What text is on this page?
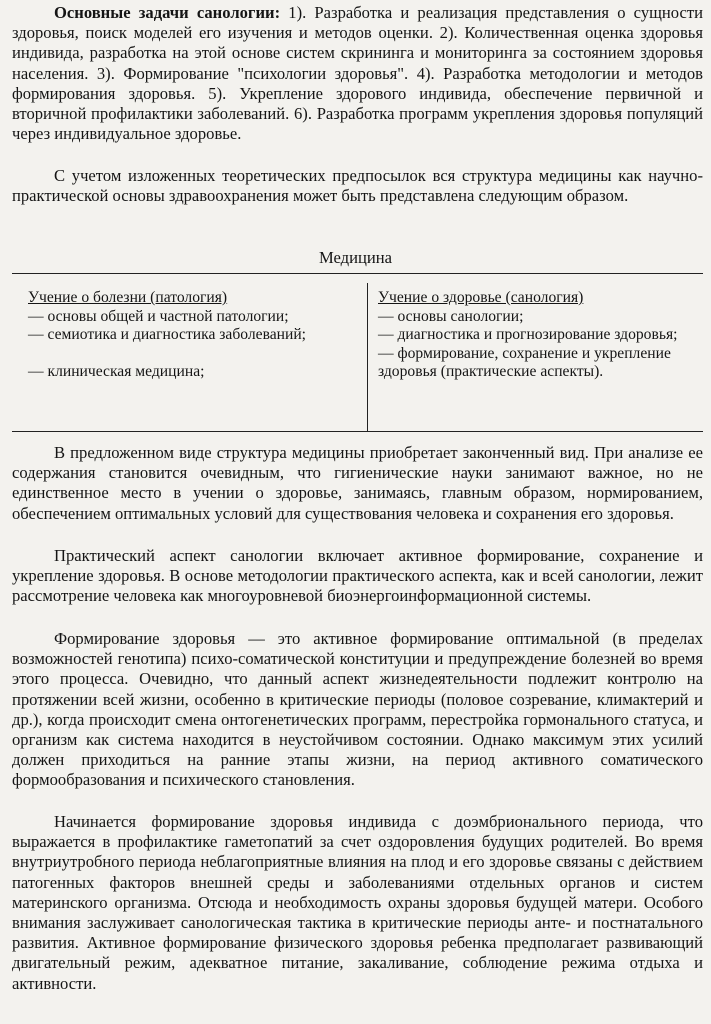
Основные задачи санологии: 1). Разработка и реализация представления о сущности здоровья, поиск моделей его изучения и методов оценки. 2). Количественная оценка здоровья индивида, разработка на этой основе систем скрининга и мониторинга за состоянием здоровья населения. 3). Формирование "психологии здоровья". 4). Разработка методологии и методов формирования здоровья. 5). Укрепление здорового индивида, обеспечение первичной и вторичной профилактики заболеваний. 6). Разработка программ укрепления здоровья популяций через индивидуальное здоровье.

С учетом изложенных теоретических предпосылок вся структура медицины как научно-практической основы здравоохранения может быть представлена следующим образом.

Медицина
Учение о болезни (патология)
— основы общей и частной патологии;
— семиотика и диагностика заболеваний;
— клиническая медицина;
Учение о здоровье (санология)
— основы санологии;
— диагностика и прогнозирование здоровья;
— формирование, сохранение и укрепление здоровья (практические аспекты).

В предложенном виде структура медицины приобретает законченный вид. При анализе ее содержания становится очевидным, что гигиенические науки занимают важное, но не единственное место в учении о здоровье, занимаясь, главным образом, нормированием, обеспечением оптимальных условий для существования человека и сохранения его здоровья.

Практический аспект санологии включает активное формирование, сохранение и укрепление здоровья. В основе методологии практического аспекта, как и всей санологии, лежит рассмотрение человека как многоуровневой биоэнергоинформационной системы.

Формирование здоровья — это активное формирование оптимальной (в пределах возможностей генотипа) психо-соматической конституции и предупреждение болезней во время этого процесса. Очевидно, что данный аспект жизнедеятельности подлежит контролю на протяжении всей жизни, особенно в критические периоды (половое созревание, климактерий и др.), когда происходит смена онтогенетических программ, перестройка гормонального статуса, и организм как система находится в неустойчивом состоянии. Однако максимум этих усилий должен приходиться на ранние этапы жизни, на период активного соматического формообразования и психического становления.

Начинается формирование здоровья индивида с доэмбрионального периода, что выражается в профилактике гаметопатий за счет оздоровления будущих родителей. Во время внутриутробного периода неблагоприятные влияния на плод и его здоровье связаны с действием патогенных факторов внешней среды и заболеваниями отдельных органов и систем материнского организма. Отсюда и необходимость охраны здоровья будущей матери. Особого внимания заслуживает санологическая тактика в критические периоды анте- и постнатального развития. Активное формирование физического здоровья ребенка предполагает развивающий двигательный режим, адекватное питание, закаливание, соблюдение режима отдыха и активности.
